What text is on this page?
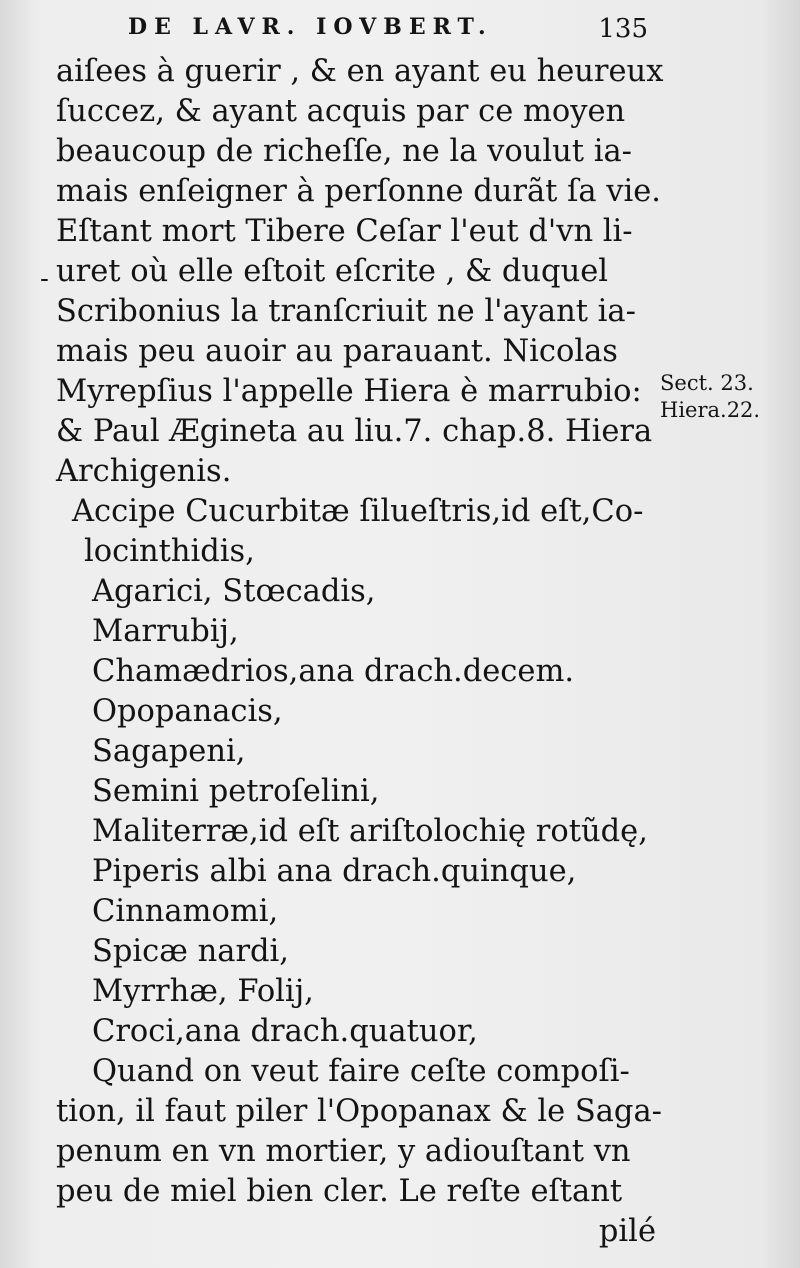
DE LAVR. IOVBERT.	135
-
aiſees à guerir , & en ayant eu heureux
ſuccez, & ayant acquis par ce moyen
beaucoup de richeſſe, ne la voulut ia-
mais enſeigner à perſonne durãt ſa vie.
Eſtant mort Tibere Ceſar l'eut d'vn li-
uret où elle eſtoit eſcrite , & duquel
Scribonius la tranſcriuit ne l'ayant ia-
mais peu auoir au parauant. Nicolas
Myrepſius l'appelle Hiera è marrubio:
& Paul Ægineta au liu.7. chap.8. Hiera
Archigenis.
Accipe Cucurbitæ ſilueſtris,id eſt,Co-
locinthidis,
Agarici, Stœcadis,
Marrubij,
Chamædrios,ana drach.decem.
Opopanacis,
Sagapeni,
Semini petroſelini,
Maliterræ,id eſt ariſtolochię rotũdę,
Piperis albi ana drach.quinque,
Cinnamomi,
Spicæ nardi,
Myrrhæ, Folij,
Croci,ana drach.quatuor,
Quand on veut faire ceſte compoſi-
tion, il faut piler l'Opopanax & le Saga-
penum en vn mortier, y adiouſtant vn
peu de miel bien cler. Le reſte eſtant
pilé
Sect. 23.
Hiera.22.
